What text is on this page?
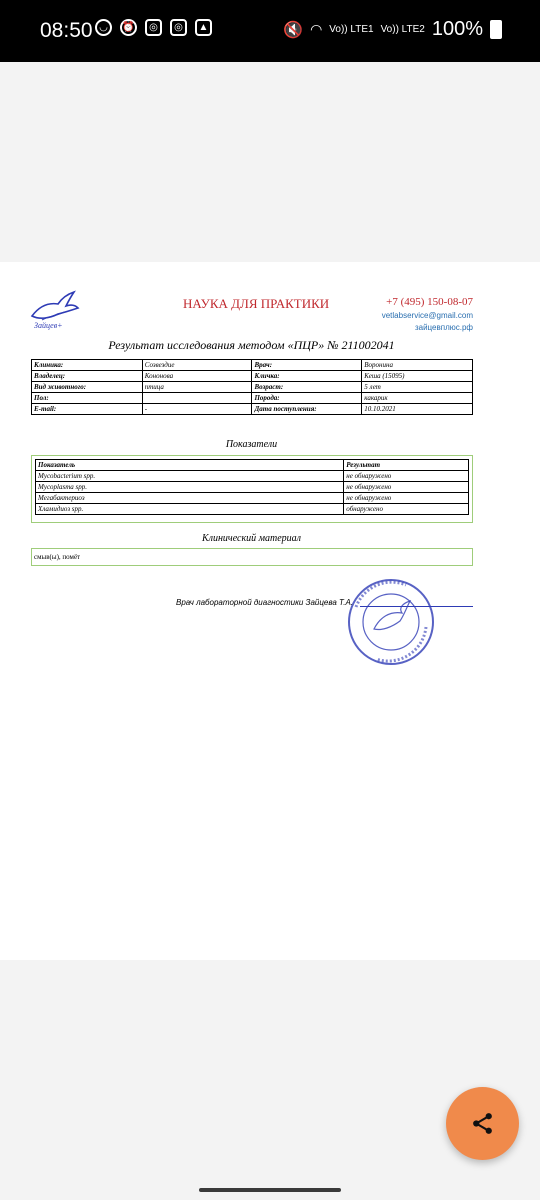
08:50 ◡	⏰	◎	◎	▲	🔇 ◠ Vo)) LTE1 Vo)) LTE2 100%
Зайцев+
НАУКА ДЛЯ ПРАКТИКИ	+7 (495) 150-08-07
vetlabservice@gmail.com
зайцевплюс.рф
Результат исследования методом «ПЦР» № 211002041
Клиника:	Созвездие	Врач:	Воронина
Владелец:	Кононова	Кличка:	Кеша (15095)
Вид животного:	птица	Возраст:	5 лет
Пол:		Порода:	какарик
E-mail:	-	Дата поступления:	10.10.2021
Показатели
Показатель	Результат
Mycobacterium spp.	не обнаружено
Mycoplasma spp.	не обнаружено
Мегабактериоз	не обнаружено
Хламидиоз spp.	обнаружено
Клинический материал
смыв(ы), помёт
Врач лабораторной диагностики Зайцева Т.А.
